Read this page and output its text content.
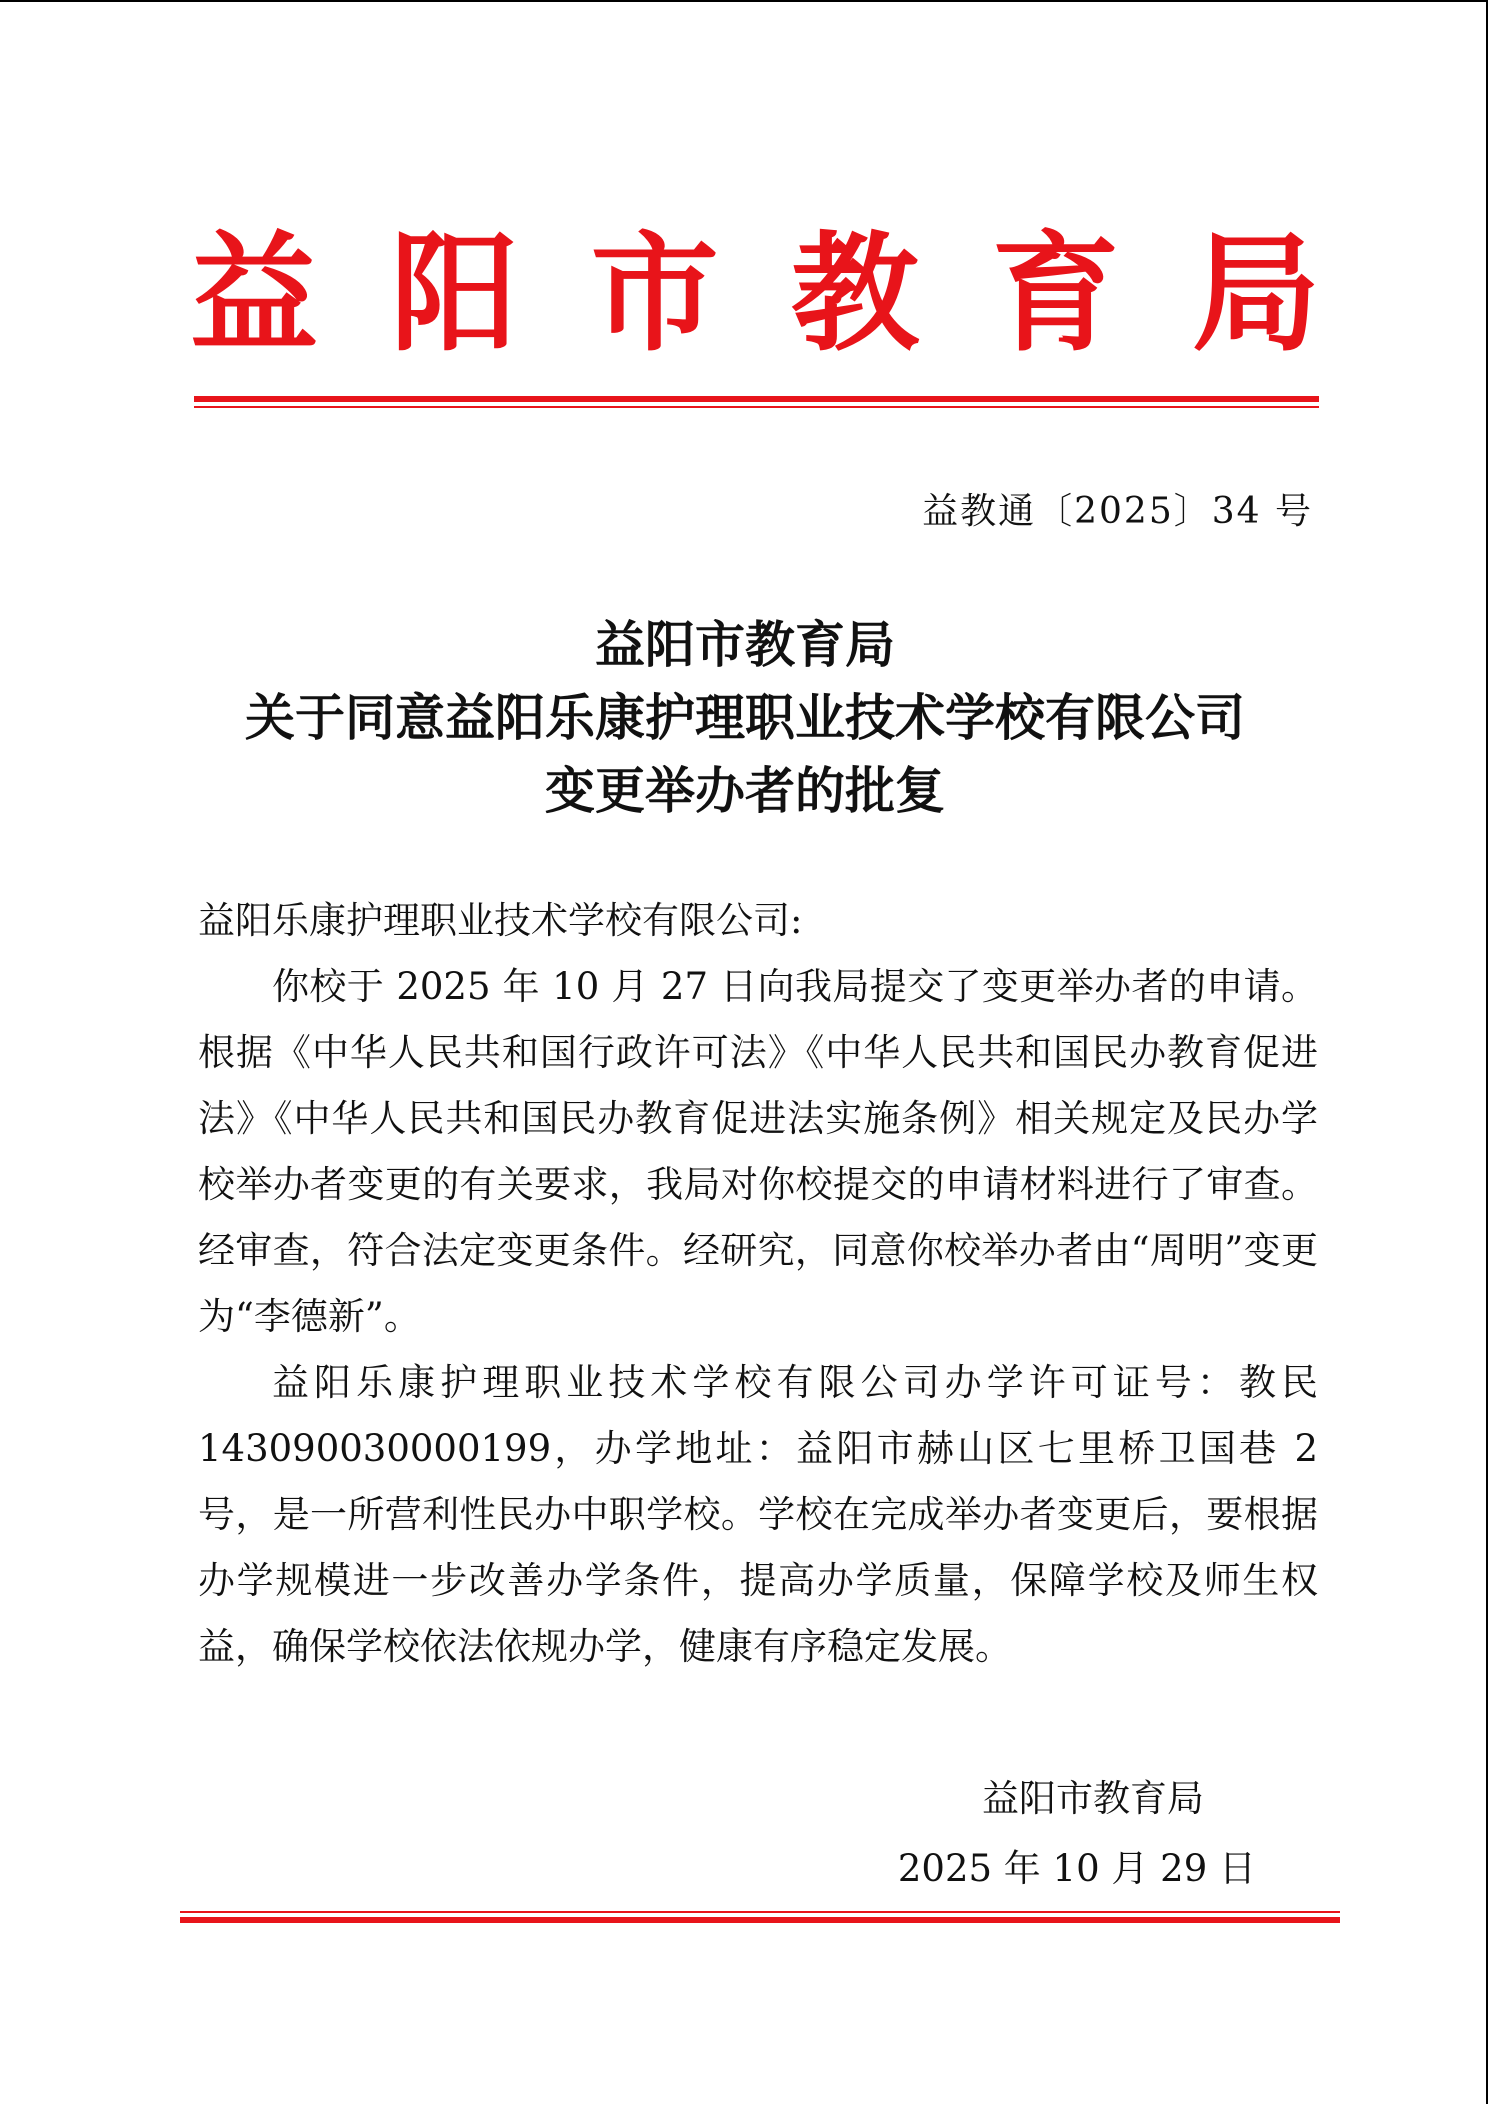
益 阳 市 教 育 局
益教通〔2025〕34 号
益阳市教育局
关于同意益阳乐康护理职业技术学校有限公司
变更举办者的批复

益阳乐康护理职业技术学校有限公司:

你校于 2025 年 10 月 27 日向我局提交了变更举办者的申请。根据《中华人民共和国行政许可法》《中华人民共和国民办教育促进法》《中华人民共和国民办教育促进法实施条例》相关规定及民办学校举办者变更的有关要求，我局对你校提交的申请材料进行了审查。经审查，符合法定变更条件。经研究，同意你校举办者由“周明”变更为“李德新”。

益阳乐康护理职业技术学校有限公司办学许可证号：教民143090030000199，办学地址：益阳市赫山区七里桥卫国巷 2 号，是一所营利性民办中职学校。学校在完成举办者变更后，要根据办学规模进一步改善办学条件，提高办学质量，保障学校及师生权益，确保学校依法依规办学，健康有序稳定发展。

益阳市教育局
2025 年 10 月 29 日
